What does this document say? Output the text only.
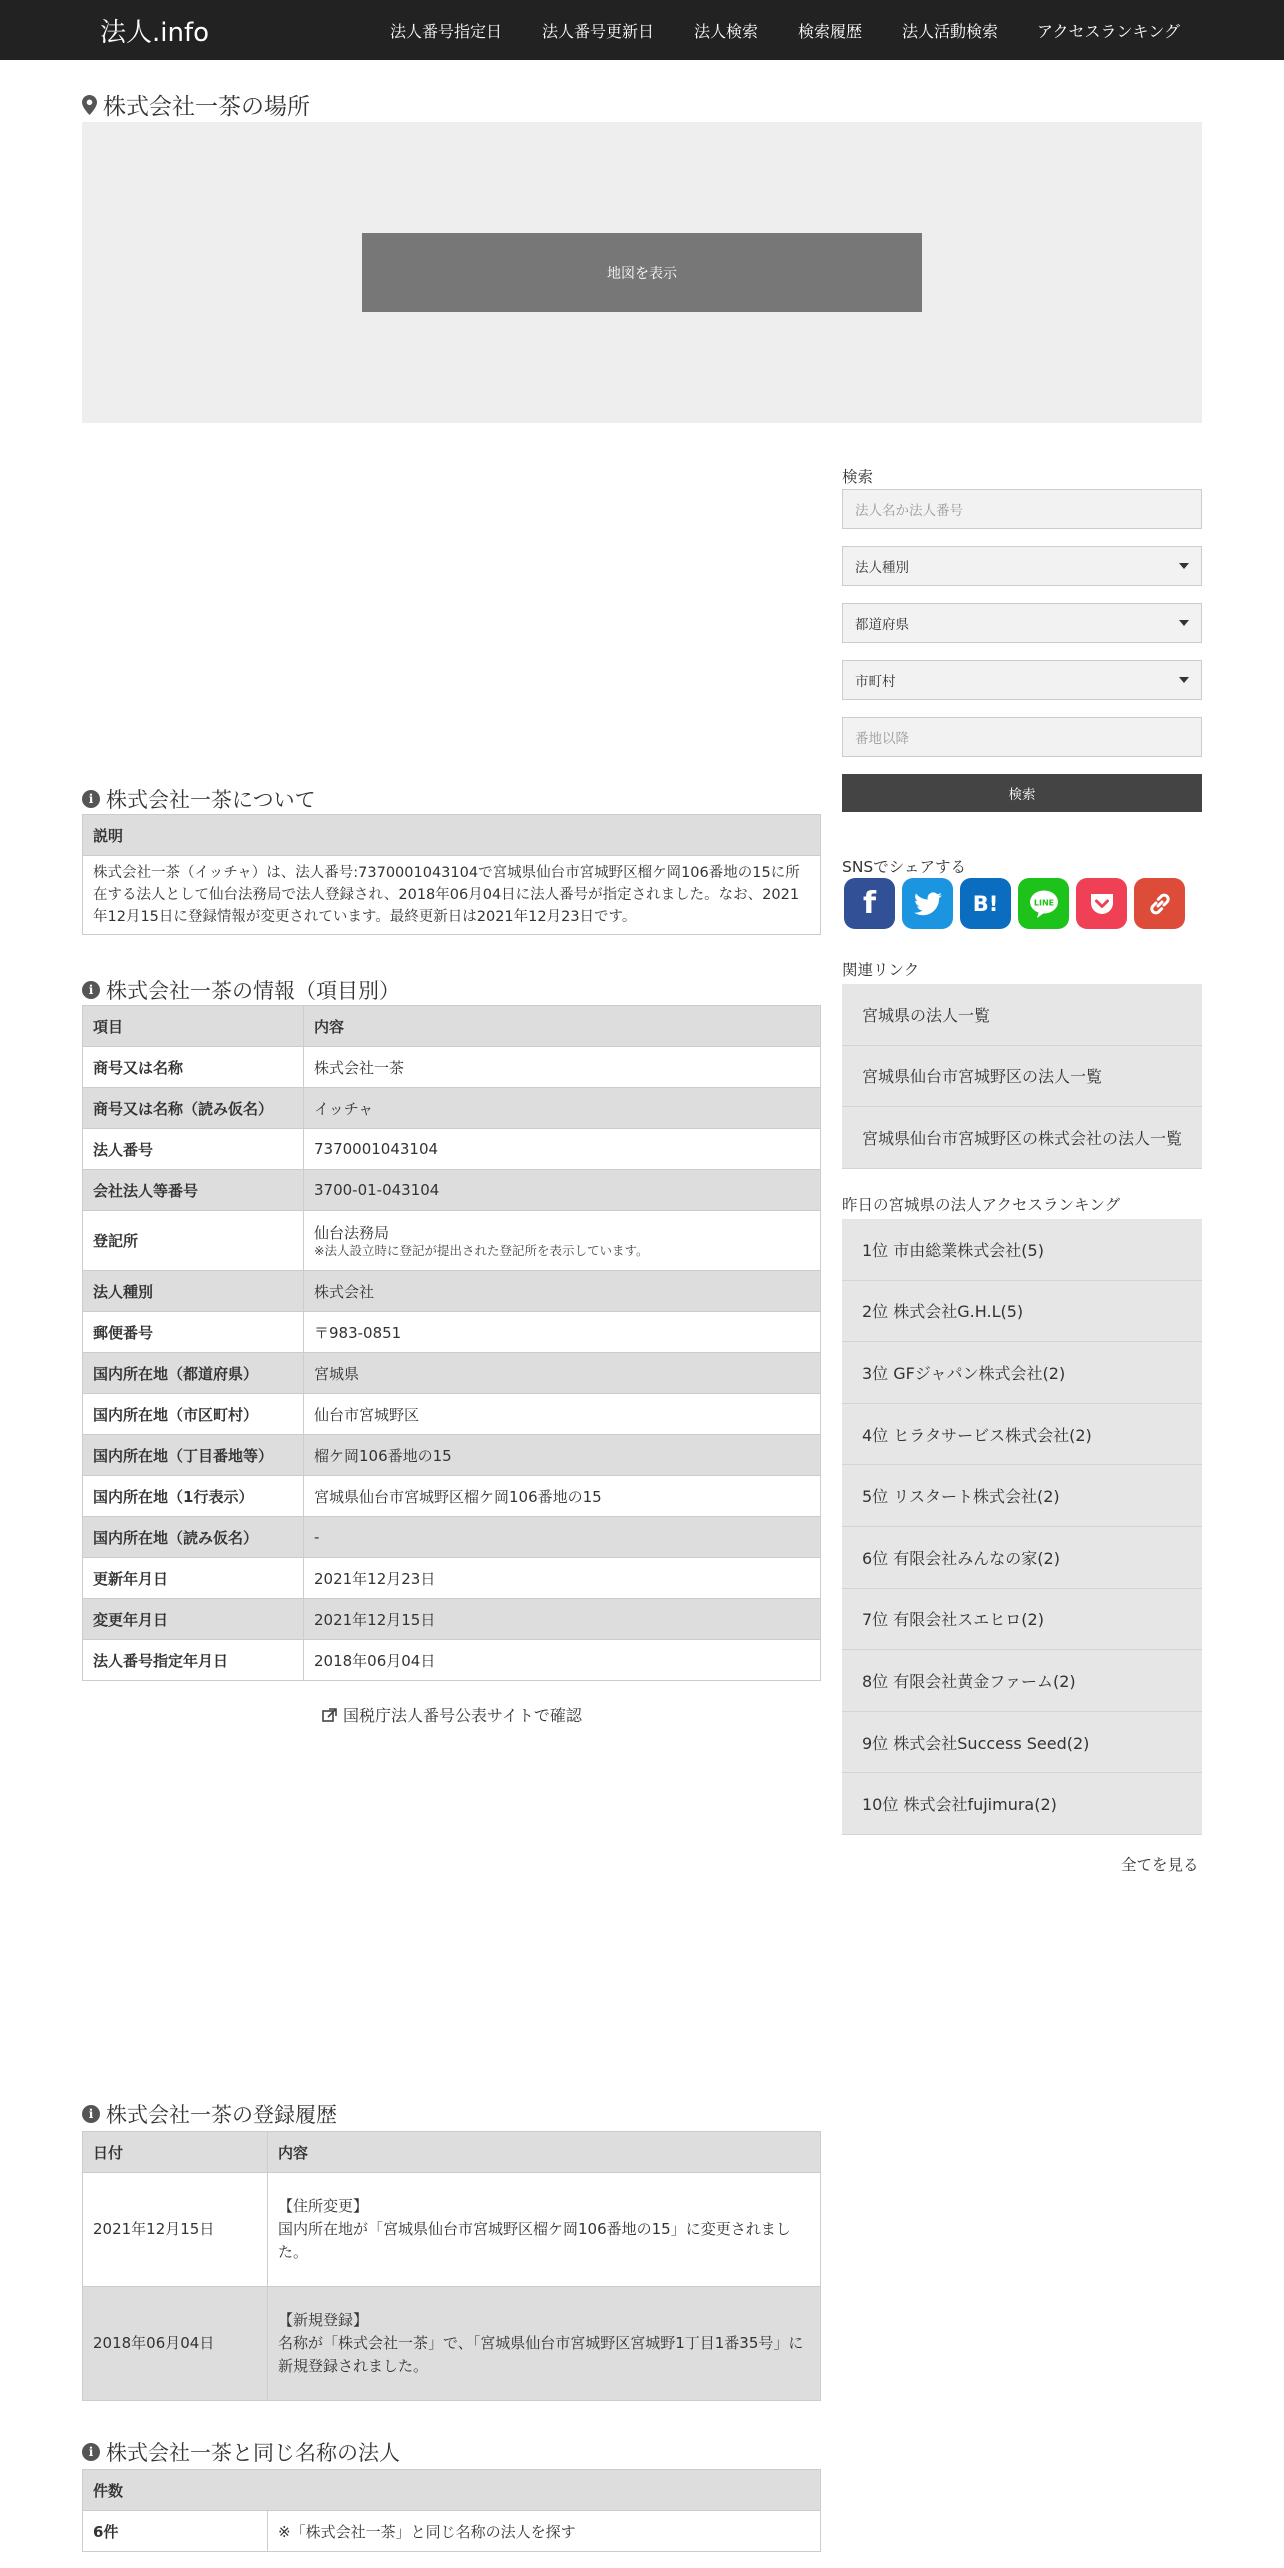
法人.info	法人番号指定日 法人番号更新日 法人検索 検索履歴 法人活動検索 アクセスランキング
株式会社一茶の場所
地図を表示
i 株式会社一茶について
説明
株式会社一茶（イッチャ）は、法人番号:7370001043104で宮城県仙台市宮城野区榴ケ岡106番地の15に所在する法人として仙台法務局で法人登録され、2018年06月04日に法人番号が指定されました。なお、2021年12月15日に登録情報が変更されています。最終更新日は2021年12月23日です。
i 株式会社一茶の情報（項目別）
項目	内容
商号又は名称	株式会社一茶
商号又は名称（読み仮名）	イッチャ
法人番号	7370001043104
会社法人等番号	3700-01-043104
登記所	仙台法務局
※法人設立時に登記が提出された登記所を表示しています。

法人種別	株式会社
郵便番号	〒983-0851
国内所在地（都道府県）	宮城県
国内所在地（市区町村）	仙台市宮城野区
国内所在地（丁目番地等）	榴ケ岡106番地の15
国内所在地（1行表示）	宮城県仙台市宮城野区榴ケ岡106番地の15
国内所在地（読み仮名）	-
更新年月日	2021年12月23日
変更年月日	2021年12月15日
法人番号指定年月日	2018年06月04日
国税庁法人番号公表サイトで確認
i 株式会社一茶の登録履歴
日付	内容
2021年12月15日	【住所変更】
国内所在地が「宮城県仙台市宮城野区榴ケ岡106番地の15」に変更されました。
2018年06月04日	【新規登録】
名称が「株式会社一茶」で、「宮城県仙台市宮城野区宮城野1丁目1番35号」に新規登録されました。
i 株式会社一茶と同じ名称の法人
件数
6件	※「株式会社一茶」と同じ名称の法人を探す
検索
法人名か法人番号
法人種別
都道府県
市町村
番地以降
検索
SNSでシェアする
f	B!	LINE
関連リンク
宮城県の法人一覧
宮城県仙台市宮城野区の法人一覧
宮城県仙台市宮城野区の株式会社の法人一覧
昨日の宮城県の法人アクセスランキング
1位 市由総業株式会社(5)
2位 株式会社G.H.L(5)
3位 GFジャパン株式会社(2)
4位 ヒラタサービス株式会社(2)
5位 リスタート株式会社(2)
6位 有限会社みんなの家(2)
7位 有限会社スエヒロ(2)
8位 有限会社黄金ファーム(2)
9位 株式会社Success Seed(2)
10位 株式会社fujimura(2)
全てを見る
